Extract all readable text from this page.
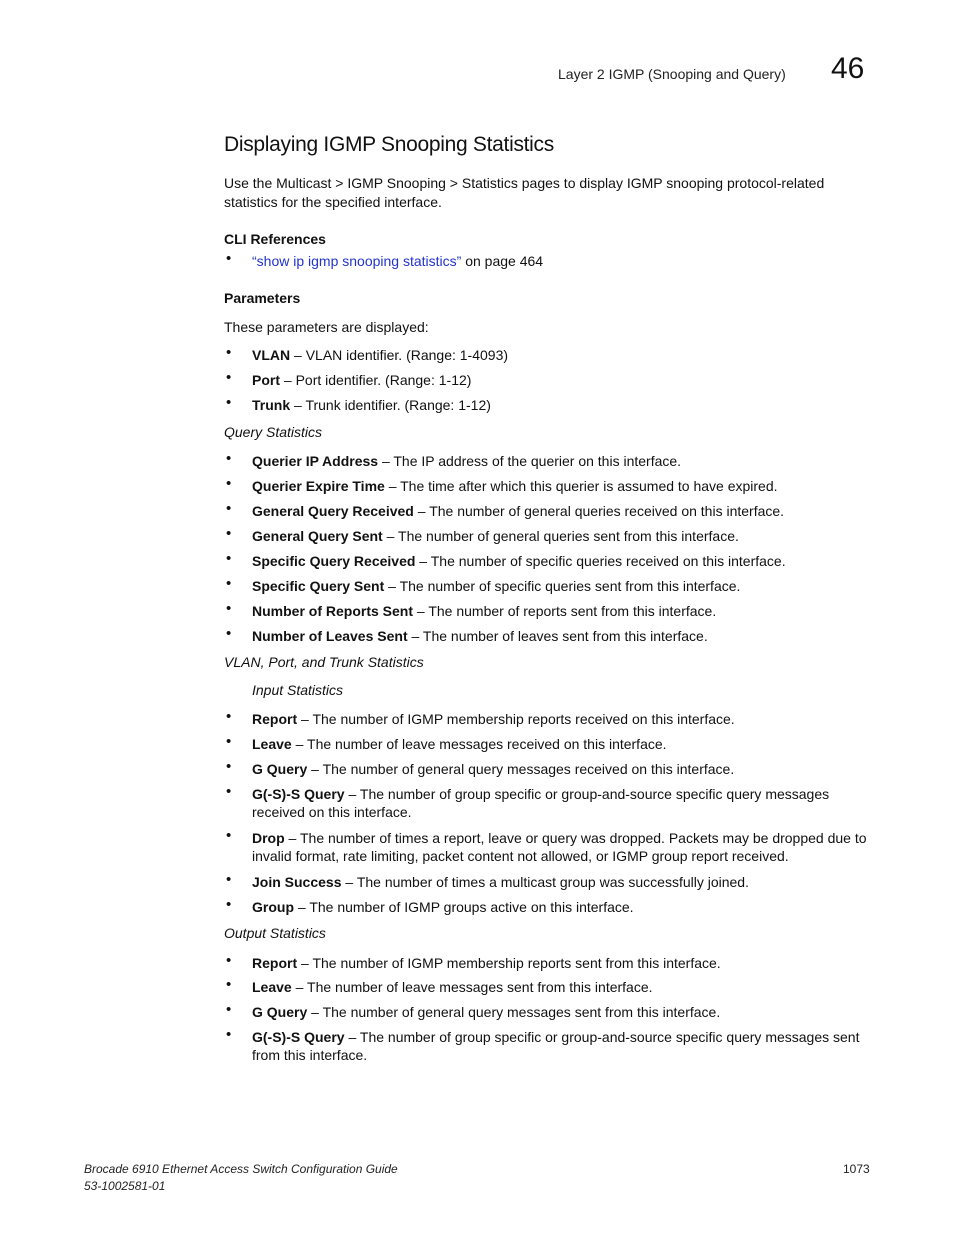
Layer 2 IGMP (Snooping and Query) 46
Displaying IGMP Snooping Statistics
Use the Multicast > IGMP Snooping > Statistics pages to display IGMP snooping protocol-related statistics for the specified interface.
CLI References
• “show ip igmp snooping statistics” on page 464
Parameters
These parameters are displayed:
• VLAN – VLAN identifier. (Range: 1-4093)
• Port – Port identifier. (Range: 1-12)
• Trunk – Trunk identifier. (Range: 1-12)
Query Statistics
• Querier IP Address – The IP address of the querier on this interface.
• Querier Expire Time – The time after which this querier is assumed to have expired.
• General Query Received – The number of general queries received on this interface.
• General Query Sent – The number of general queries sent from this interface.
• Specific Query Received – The number of specific queries received on this interface.
• Specific Query Sent – The number of specific queries sent from this interface.
• Number of Reports Sent – The number of reports sent from this interface.
• Number of Leaves Sent – The number of leaves sent from this interface.
VLAN, Port, and Trunk Statistics
Input Statistics
• Report – The number of IGMP membership reports received on this interface.
• Leave – The number of leave messages received on this interface.
• G Query – The number of general query messages received on this interface.
• G(-S)-S Query – The number of group specific or group-and-source specific query messages received on this interface.
• Drop – The number of times a report, leave or query was dropped. Packets may be dropped due to invalid format, rate limiting, packet content not allowed, or IGMP group report received.
• Join Success – The number of times a multicast group was successfully joined.
• Group – The number of IGMP groups active on this interface.
Output Statistics
• Report – The number of IGMP membership reports sent from this interface.
• Leave – The number of leave messages sent from this interface.
• G Query – The number of general query messages sent from this interface.
• G(-S)-S Query – The number of group specific or group-and-source specific query messages sent from this interface.
Brocade 6910 Ethernet Access Switch Configuration Guide
53-1002581-01
1073
